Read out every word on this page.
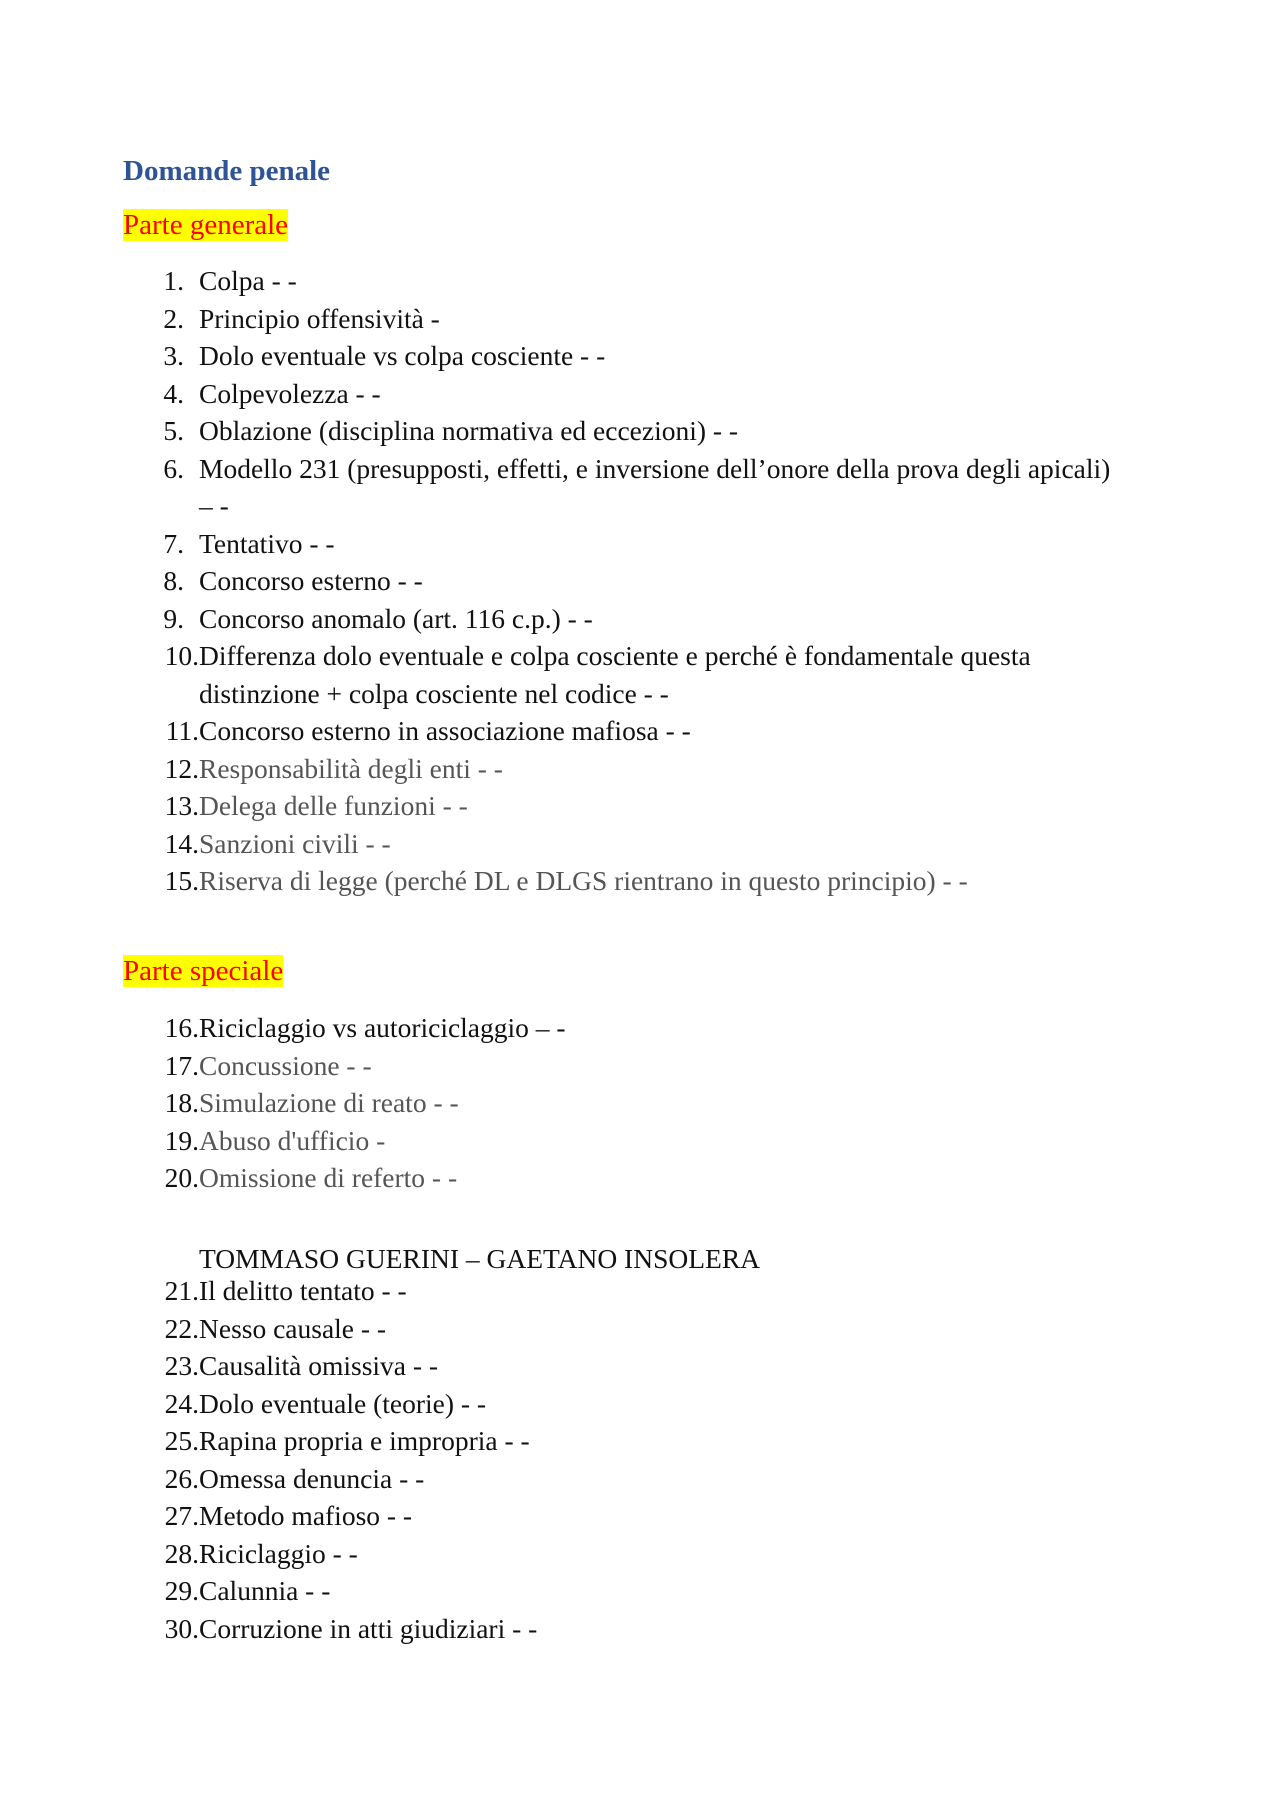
Domande penale
Parte generale
1. Colpa - -
2. Principio offensività -
3. Dolo eventuale vs colpa cosciente - -
4. Colpevolezza - -
5. Oblazione (disciplina normativa ed eccezioni) - -
6. Modello 231 (presupposti, effetti, e inversione dell’onore della prova degli apicali) – -
7. Tentativo - -
8. Concorso esterno - -
9. Concorso anomalo (art. 116 c.p.) - -
10. Differenza dolo eventuale e colpa cosciente e perché è fondamentale questa distinzione + colpa cosciente nel codice - -
11. Concorso esterno in associazione mafiosa - -
12. Responsabilità degli enti - -
13. Delega delle funzioni - -
14. Sanzioni civili - -
15. Riserva di legge (perché DL e DLGS rientrano in questo principio) - -
Parte speciale
16. Riciclaggio vs autoriciclaggio – -
17. Concussione - -
18. Simulazione di reato - -
19. Abuso d'ufficio -
20. Omissione di referto - -
TOMMASO GUERINI – GAETANO INSOLERA
21. Il delitto tentato - -
22. Nesso causale - -
23. Causalità omissiva - -
24. Dolo eventuale (teorie) - -
25. Rapina propria e impropria - -
26. Omessa denuncia - -
27. Metodo mafioso - -
28. Riciclaggio - -
29. Calunnia - -
30. Corruzione in atti giudiziari - -
